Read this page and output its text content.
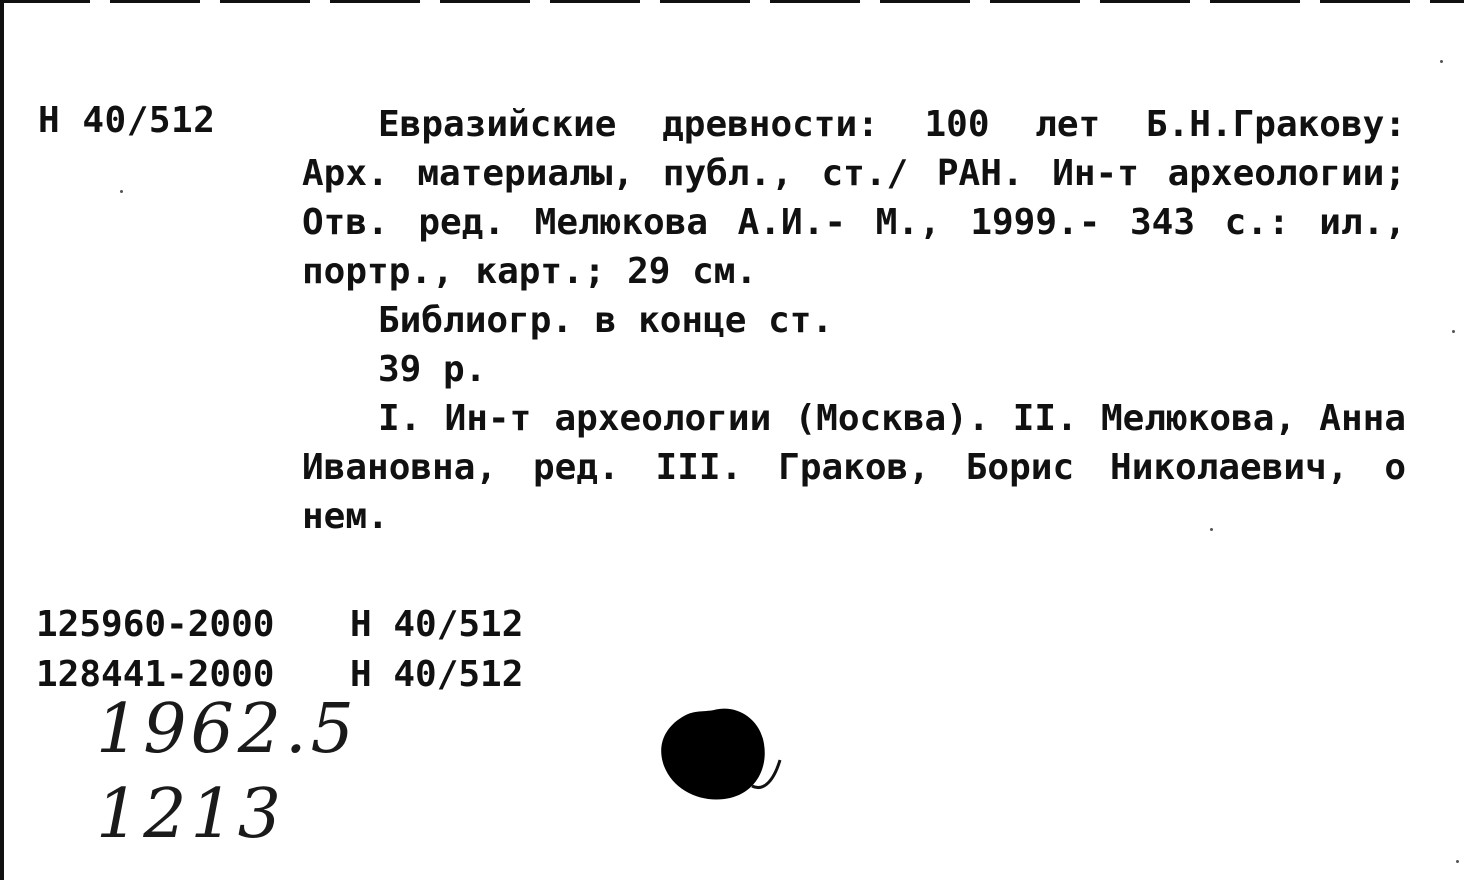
Н 40/512	Евразийские древности: 100 лет Б.Н.Гракову: Арх. материалы, публ., ст./ РАН. Ин-т археологии; Отв. ред. Мелюкова А.И.- М., 1999.- 343 с.: ил., портр., карт.; 29 см.

Библиогр. в конце ст.

39 р.

I. Ин-т археологии (Москва). II. Мелюкова, Анна Ивановна, ред. III. Граков, Борис Николаевич, о нем.

125960-2000 Н 40/512
128441-2000 Н 40/512
1962.5
1213
